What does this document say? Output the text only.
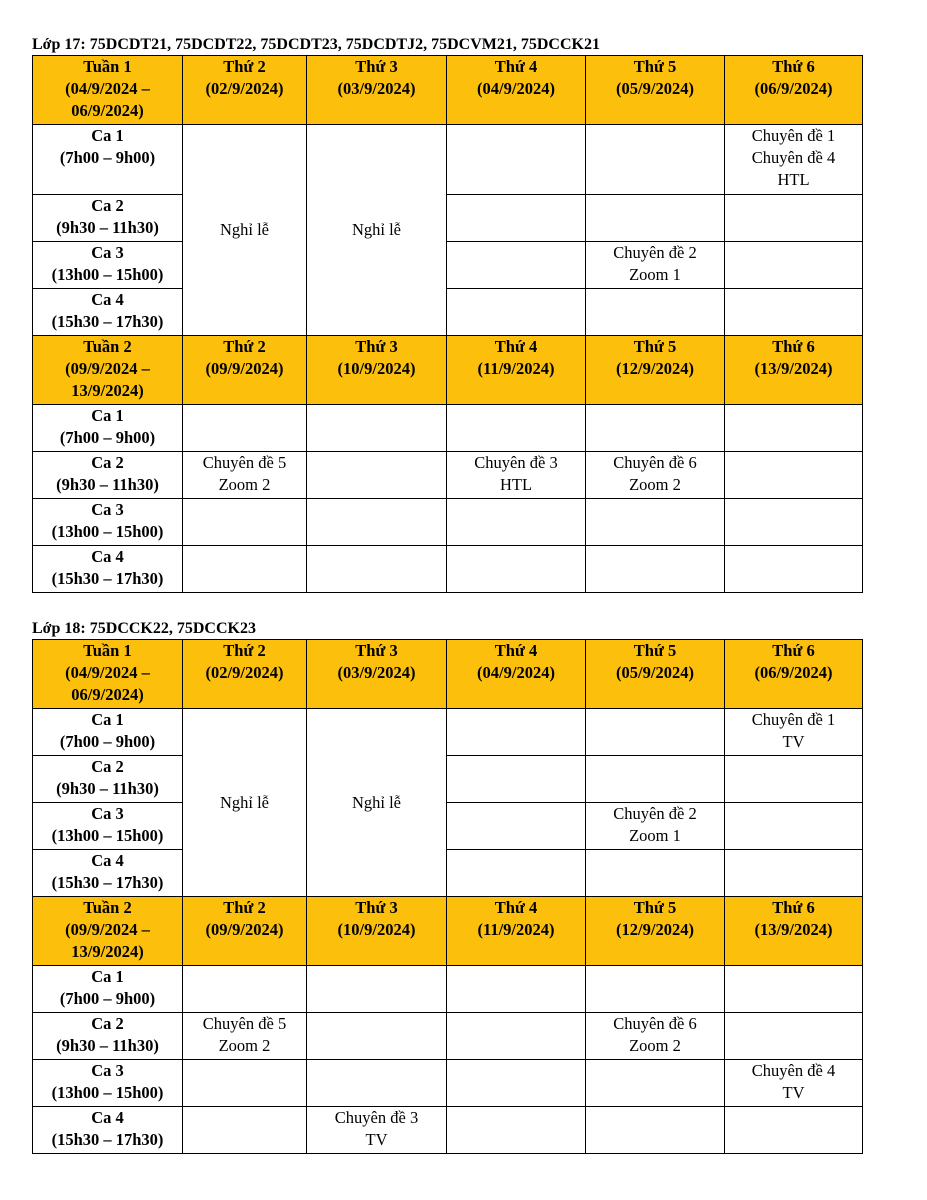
Lớp 17: 75DCDT21, 75DCDT22, 75DCDT23, 75DCDTJ2, 75DCVM21, 75DCCK21
Tuần 1
(04/9/2024 –
06/9/2024)	Thứ 2
(02/9/2024)	Thứ 3
(03/9/2024)	Thứ 4
(04/9/2024)	Thứ 5
(05/9/2024)	Thứ 6
(06/9/2024)

Ca 1
(7h00 – 9h00)	Nghỉ lễ	Nghỉ lễ			Chuyên đề 1
Chuyên đề 4
HTL

Ca 2
(9h30 – 11h30)					

Ca 3
(13h00 – 15h00)				Chuyên đề 2
Zoom 1	

Ca 4
(15h30 – 17h30)					

Tuần 2
(09/9/2024 –
13/9/2024)	Thứ 2
(09/9/2024)	Thứ 3
(10/9/2024)	Thứ 4
(11/9/2024)	Thứ 5
(12/9/2024)	Thứ 6
(13/9/2024)

Ca 1
(7h00 – 9h00)					

Ca 2
(9h30 – 11h30)	Chuyên đề 5
Zoom 2		Chuyên đề 3
HTL	Chuyên đề 6
Zoom 2	

Ca 3
(13h00 – 15h00)					

Ca 4
(15h30 – 17h30)					

Lớp 18: 75DCCK22, 75DCCK23
Tuần 1
(04/9/2024 –
06/9/2024)	Thứ 2
(02/9/2024)	Thứ 3
(03/9/2024)	Thứ 4
(04/9/2024)	Thứ 5
(05/9/2024)	Thứ 6
(06/9/2024)

Ca 1
(7h00 – 9h00)	Nghỉ lễ	Nghỉ lễ			Chuyên đề 1
TV

Ca 2
(9h30 – 11h30)					

Ca 3
(13h00 – 15h00)				Chuyên đề 2
Zoom 1	

Ca 4
(15h30 – 17h30)					

Tuần 2
(09/9/2024 –
13/9/2024)	Thứ 2
(09/9/2024)	Thứ 3
(10/9/2024)	Thứ 4
(11/9/2024)	Thứ 5
(12/9/2024)	Thứ 6
(13/9/2024)

Ca 1
(7h00 – 9h00)					

Ca 2
(9h30 – 11h30)	Chuyên đề 5
Zoom 2			Chuyên đề 6
Zoom 2	

Ca 3
(13h00 – 15h00)					Chuyên đề 4
TV

Ca 4
(15h30 – 17h30)		Chuyên đề 3
TV			
